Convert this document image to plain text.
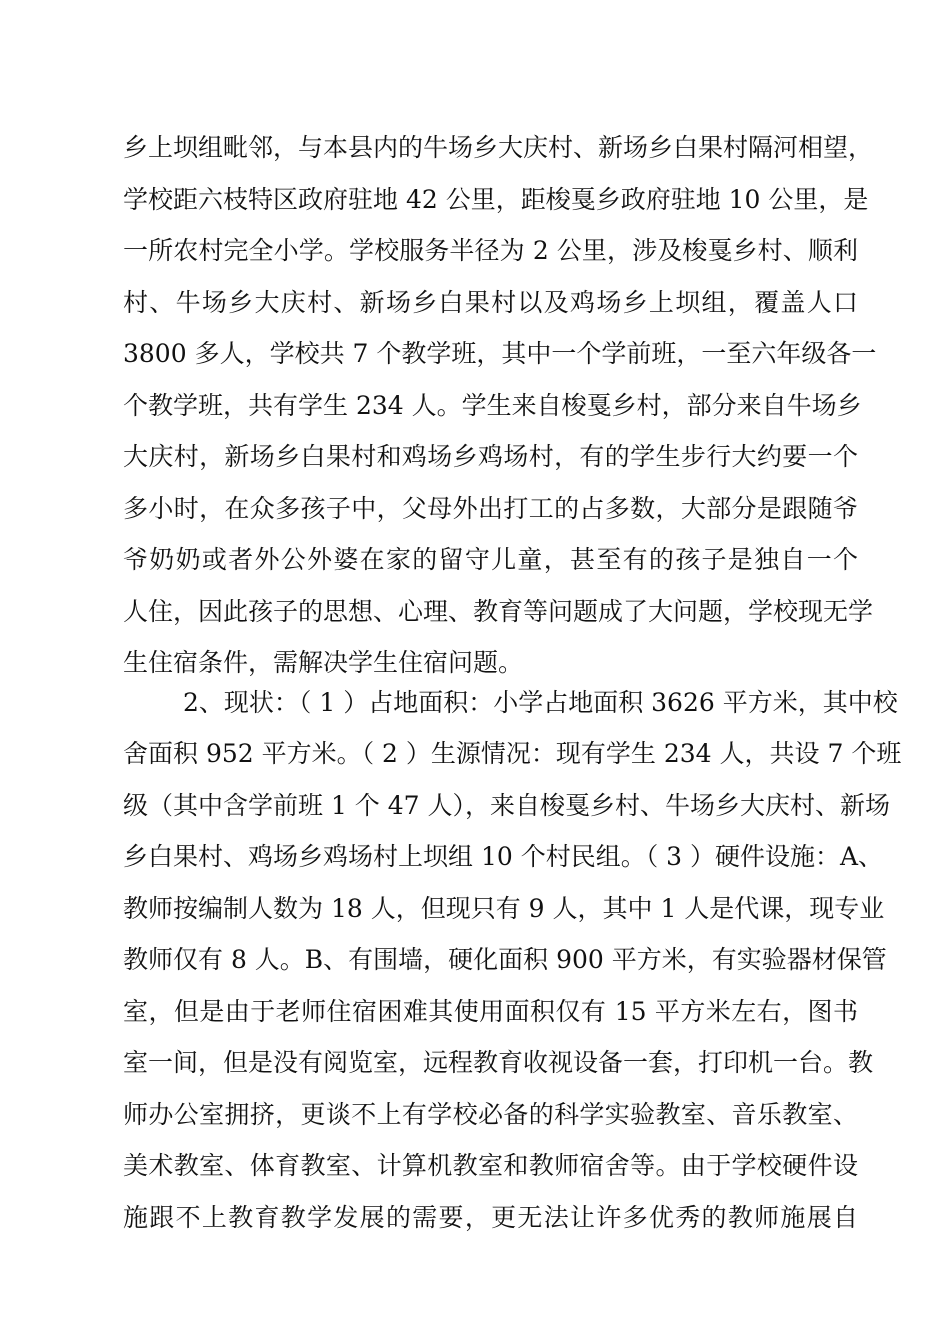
乡上坝组毗邻，与本县内的牛场乡大庆村、新场乡白果村隔河相望，
学校距六枝特区政府驻地 42 公里，距梭戛乡政府驻地 10 公里，是
一所农村完全小学。学校服务半径为 2 公里，涉及梭戛乡村、顺利
村、牛场乡大庆村、新场乡白果村以及鸡场乡上坝组，覆盖人口
3800 多人，学校共 7 个教学班，其中一个学前班，一至六年级各一
个教学班，共有学生 234 人。学生来自梭戛乡村，部分来自牛场乡
大庆村，新场乡白果村和鸡场乡鸡场村，有的学生步行大约要一个
多小时，在众多孩子中，父母外出打工的占多数，大部分是跟随爷
爷奶奶或者外公外婆在家的留守儿童，甚至有的孩子是独自一个
人住，因此孩子的思想、心理、教育等问题成了大问题，学校现无学
生住宿条件，需解决学生住宿问题。
2、现状：（ 1 ）占地面积：小学占地面积 3626 平方米，其中校
舍面积 952 平方米。（ 2 ）生源情况：现有学生 234 人，共设 7 个班
级（其中含学前班 1 个 47 人），来自梭戛乡村、牛场乡大庆村、新场
乡白果村、鸡场乡鸡场村上坝组 10 个村民组。（ 3 ）硬件设施：A、
教师按编制人数为 18 人，但现只有 9 人，其中 1 人是代课，现专业
教师仅有 8 人。B、有围墙，硬化面积 900 平方米，有实验器材保管
室，但是由于老师住宿困难其使用面积仅有 15 平方米左右，图书
室一间，但是没有阅览室，远程教育收视设备一套，打印机一台。教
师办公室拥挤，更谈不上有学校必备的科学实验教室、音乐教室、
美术教室、体育教室、计算机教室和教师宿舍等。由于学校硬件设
施跟不上教育教学发展的需要，更无法让许多优秀的教师施展自
